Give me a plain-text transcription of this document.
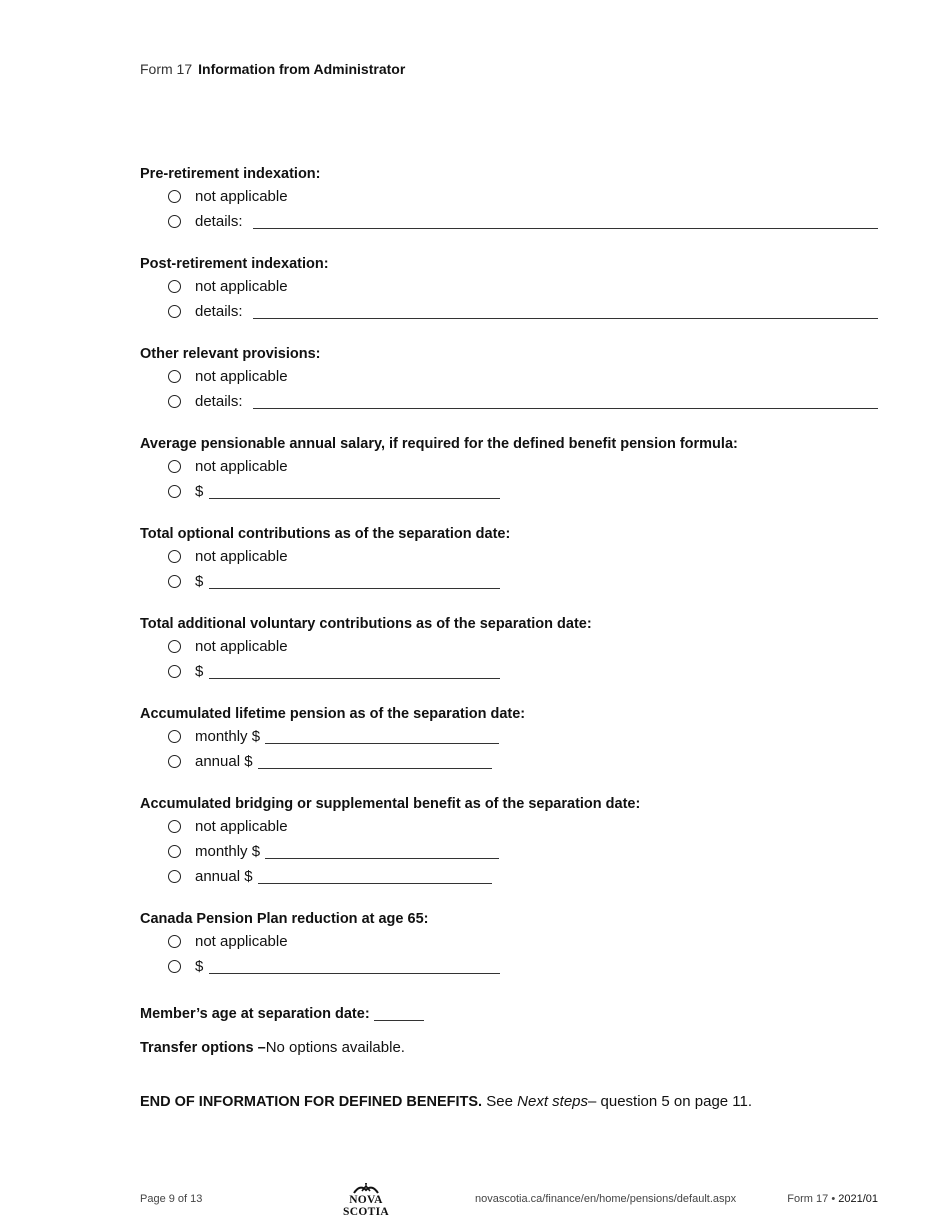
Form 17 Information from Administrator
Pre-retirement indexation:
not applicable
details:
Post-retirement indexation:
not applicable
details:
Other relevant provisions:
not applicable
details:
Average pensionable annual salary, if required for the defined benefit pension formula:
not applicable
$
Total optional contributions as of the separation date:
not applicable
$
Total additional voluntary contributions as of the separation date:
not applicable
$
Accumulated lifetime pension as of the separation date:
monthly $
annual $
Accumulated bridging or supplemental benefit as of the separation date:
not applicable
monthly $
annual $
Canada Pension Plan reduction at age 65:
not applicable
$
Member’s age at separation date:
Transfer options –No options available.
END OF INFORMATION FOR DEFINED BENEFITS. See Next steps– question 5 on page 11.
Page 9 of 13	NOVA SCOTIA
novascotia.ca/finance/en/home/pensions/default.aspx	Form 17 • 2021/01
